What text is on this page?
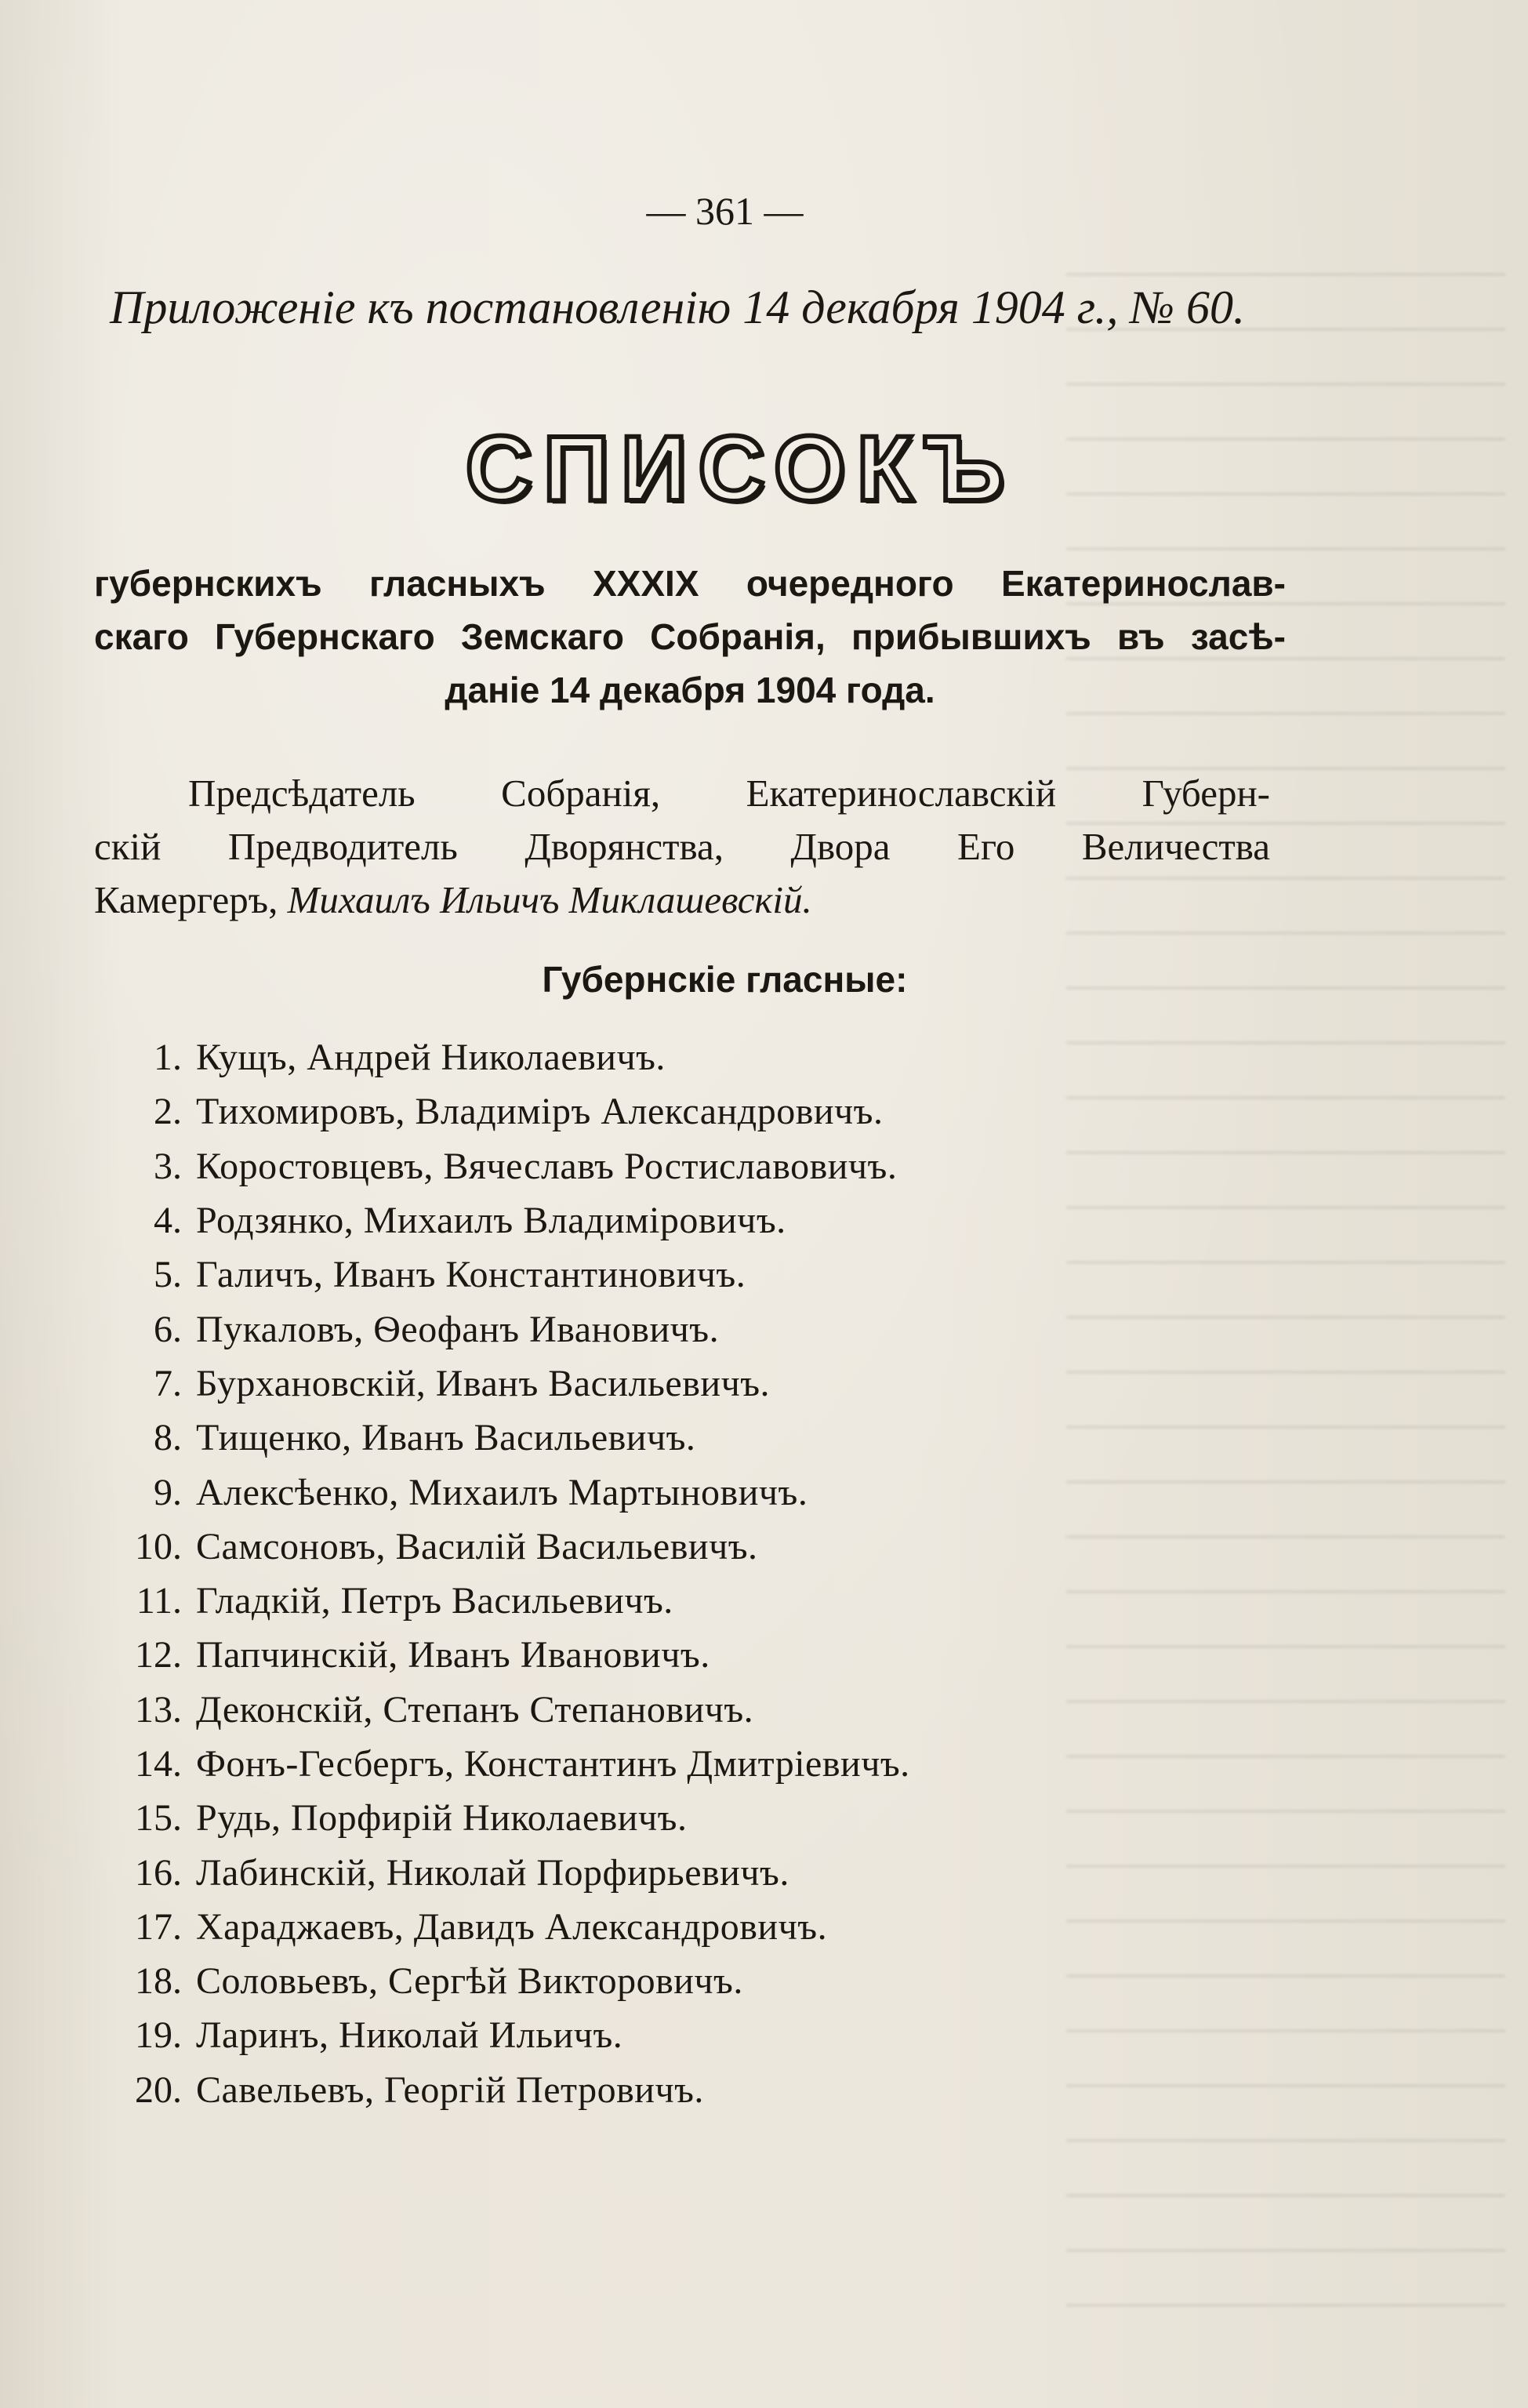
— 361 —
Приложеніе къ постановленію 14 декабря 1904 г., № 60.
СПИСОКЪ
губернскихъ гласныхъ XXXIX очередного Екатеринослав-
скаго Губернскаго Земскаго Собранія, прибывшихъ въ засѣ-
даніе 14 декабря 1904 года.
Предсѣдатель Собранія, Екатеринославскій Губерн-
скій Предводитель Дворянства, Двора Его Величества
Камергеръ, Михаилъ Ильичъ Миклашевскій.
Губернскіе гласные:
1. Кущъ, Андрей Николаевичъ.
2. Тихомировъ, Владиміръ Александровичъ.
3. Коростовцевъ, Вячеславъ Ростиславовичъ.
4. Родзянко, Михаилъ Владиміровичъ.
5. Галичъ, Иванъ Константиновичъ.
6. Пукаловъ, Ѳеофанъ Ивановичъ.
7. Бурхановскій, Иванъ Васильевичъ.
8. Тищенко, Иванъ Васильевичъ.
9. Алексѣенко, Михаилъ Мартыновичъ.
10. Самсоновъ, Василій Васильевичъ.
11. Гладкій, Петръ Васильевичъ.
12. Папчинскій, Иванъ Ивановичъ.
13. Деконскій, Степанъ Степановичъ.
14. Фонъ-Гесбергъ, Константинъ Дмитріевичъ.
15. Рудь, Порфирій Николаевичъ.
16. Лабинскій, Николай Порфирьевичъ.
17. Хараджаевъ, Давидъ Александровичъ.
18. Соловьевъ, Сергѣй Викторовичъ.
19. Ларинъ, Николай Ильичъ.
20. Савельевъ, Георгій Петровичъ.
